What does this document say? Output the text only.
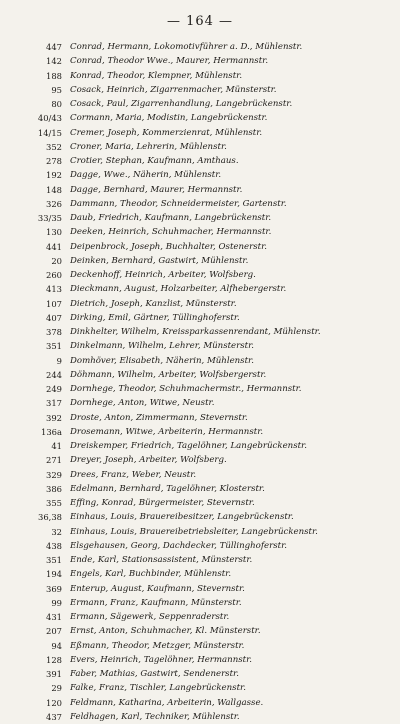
— 164 —
447 Conrad, Hermann, Lokomotivführer a. D., Mühlenstr.
142 Conrad, Theodor Wwe., Maurer, Hermannstr.
188 Konrad, Theodor, Klempner, Mühlenstr.
95 Cosack, Heinrich, Zigarrenmacher, Münsterstr.
80 Cosack, Paul, Zigarrenhandlung, Langebrückenstr.
40/43 Cormann, Maria, Modistin, Langebrückenstr.
14/15 Cremer, Joseph, Kommerzienrat, Mühlenstr.
352 Croner, Maria, Lehrerin, Mühlenstr.
278 Crotier, Stephan, Kaufmann, Amthaus.
192 Dagge, Wwe., Näherin, Mühlenstr.
148 Dagge, Bernhard, Maurer, Hermannstr.
326 Dammann, Theodor, Schneidermeister, Gartenstr.
33/35 Daub, Friedrich, Kaufmann, Langebrückenstr.
130 Deeken, Heinrich, Schuhmacher, Hermannstr.
441 Deipenbrock, Joseph, Buchhalter, Ostenerstr.
20 Deinken, Bernhard, Gastwirt, Mühlenstr.
260 Deckenhoff, Heinrich, Arbeiter, Wolfsberg.
413 Dieckmann, August, Holzarbeiter, Alfhebergerstr.
107 Dietrich, Joseph, Kanzlist, Münsterstr.
407 Dirking, Emil, Gärtner, Tüllinghoferstr.
378 Dinkhelter, Wilhelm, Kreissparkassenrendant, Mühlenstr.
351 Dinkelmann, Wilhelm, Lehrer, Münsterstr.
9 Domhöver, Elisabeth, Näherin, Mühlenstr.
244 Döhmann, Wilhelm, Arbeiter, Wolfsbergerstr.
249 Dornhege, Theodor, Schuhmachermstr., Hermannstr.
317 Dornhege, Anton, Witwe, Neustr.
392 Droste, Anton, Zimmermann, Stevernstr.
136a Drosemann, Witwe, Arbeiterin, Hermannstr.
41 Dreiskemper, Friedrich, Tagelöhner, Langebrückenstr.
271 Dreyer, Joseph, Arbeiter, Wolfsberg.
329 Drees, Franz, Weber, Neustr.
386 Edelmann, Bernhard, Tagelöhner, Klosterstr.
355 Effing, Konrad, Bürgermeister, Stevernstr.
36,38 Einhaus, Louis, Brauereibesitzer, Langebrückenstr.
32 Einhaus, Louis, Brauereibetriebsleiter, Langebrückenstr.
438 Elsgehausen, Georg, Dachdecker, Tüllinghoferstr.
351 Ende, Karl, Stationsassistent, Münsterstr.
194 Engels, Karl, Buchbinder, Mühlenstr.
369 Enterup, August, Kaufmann, Stevernstr.
99 Ermann, Franz, Kaufmann, Münsterstr.
431 Ermann, Sägewerk, Seppenraderstr.
207 Ernst, Anton, Schuhmacher, Kl. Münsterstr.
94 Eßmann, Theodor, Metzger, Münsterstr.
128 Evers, Heinrich, Tagelöhner, Hermannstr.
391 Faber, Mathias, Gastwirt, Sendenerstr.
29 Falke, Franz, Tischler, Langebrückenstr.
120 Feldmann, Katharina, Arbeiterin, Wallgasse.
437 Feldhagen, Karl, Techniker, Mühlenstr.
